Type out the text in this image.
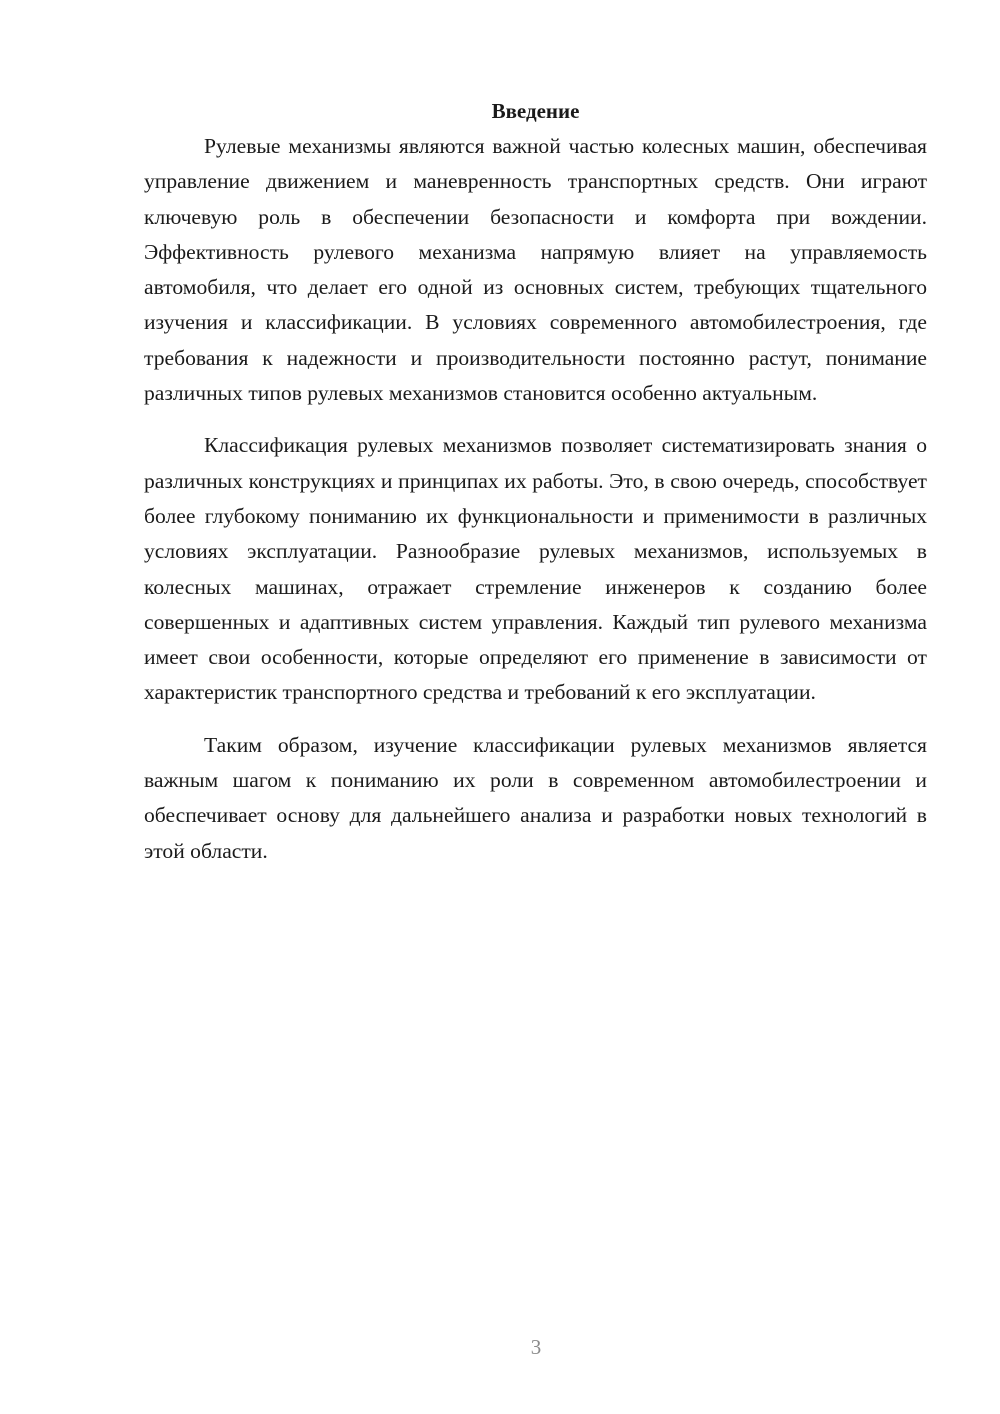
Введение

Рулевые механизмы являются важной частью колесных машин, обеспечивая управление движением и маневренность транспортных средств. Они играют ключевую роль в обеспечении безопасности и комфорта при вождении. Эффективность рулевого механизма напрямую влияет на управляемость автомобиля, что делает его одной из основных систем, требующих тщательного изучения и классификации. В условиях современного автомобилестроения, где требования к надежности и производительности постоянно растут, понимание различных типов рулевых механизмов становится особенно актуальным.

Классификация рулевых механизмов позволяет систематизировать знания о различных конструкциях и принципах их работы. Это, в свою очередь, способствует более глубокому пониманию их функциональности и применимости в различных условиях эксплуатации. Разнообразие рулевых механизмов, используемых в колесных машинах, отражает стремление инженеров к созданию более совершенных и адаптивных систем управления. Каждый тип рулевого механизма имеет свои особенности, которые определяют его применение в зависимости от характеристик транспортного средства и требований к его эксплуатации.

Таким образом, изучение классификации рулевых механизмов является важным шагом к пониманию их роли в современном автомобилестроении и обеспечивает основу для дальнейшего анализа и разработки новых технологий в этой области.

3
